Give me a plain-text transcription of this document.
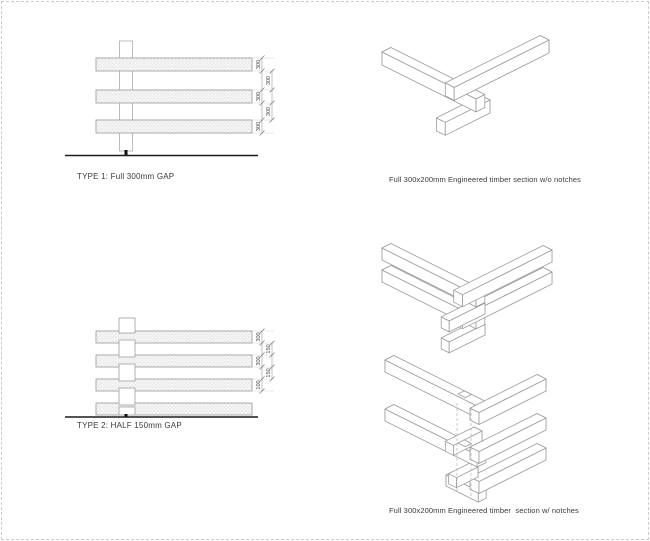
300
300
300
300
300
TYPE 1: Full 300mm GAP
300
300
100
150
150
TYPE 2: HALF 150mm GAP
Full 300x200mm Engineered timber section w/o notches
Full 300x200mm Engineered timber  section w/ notches
